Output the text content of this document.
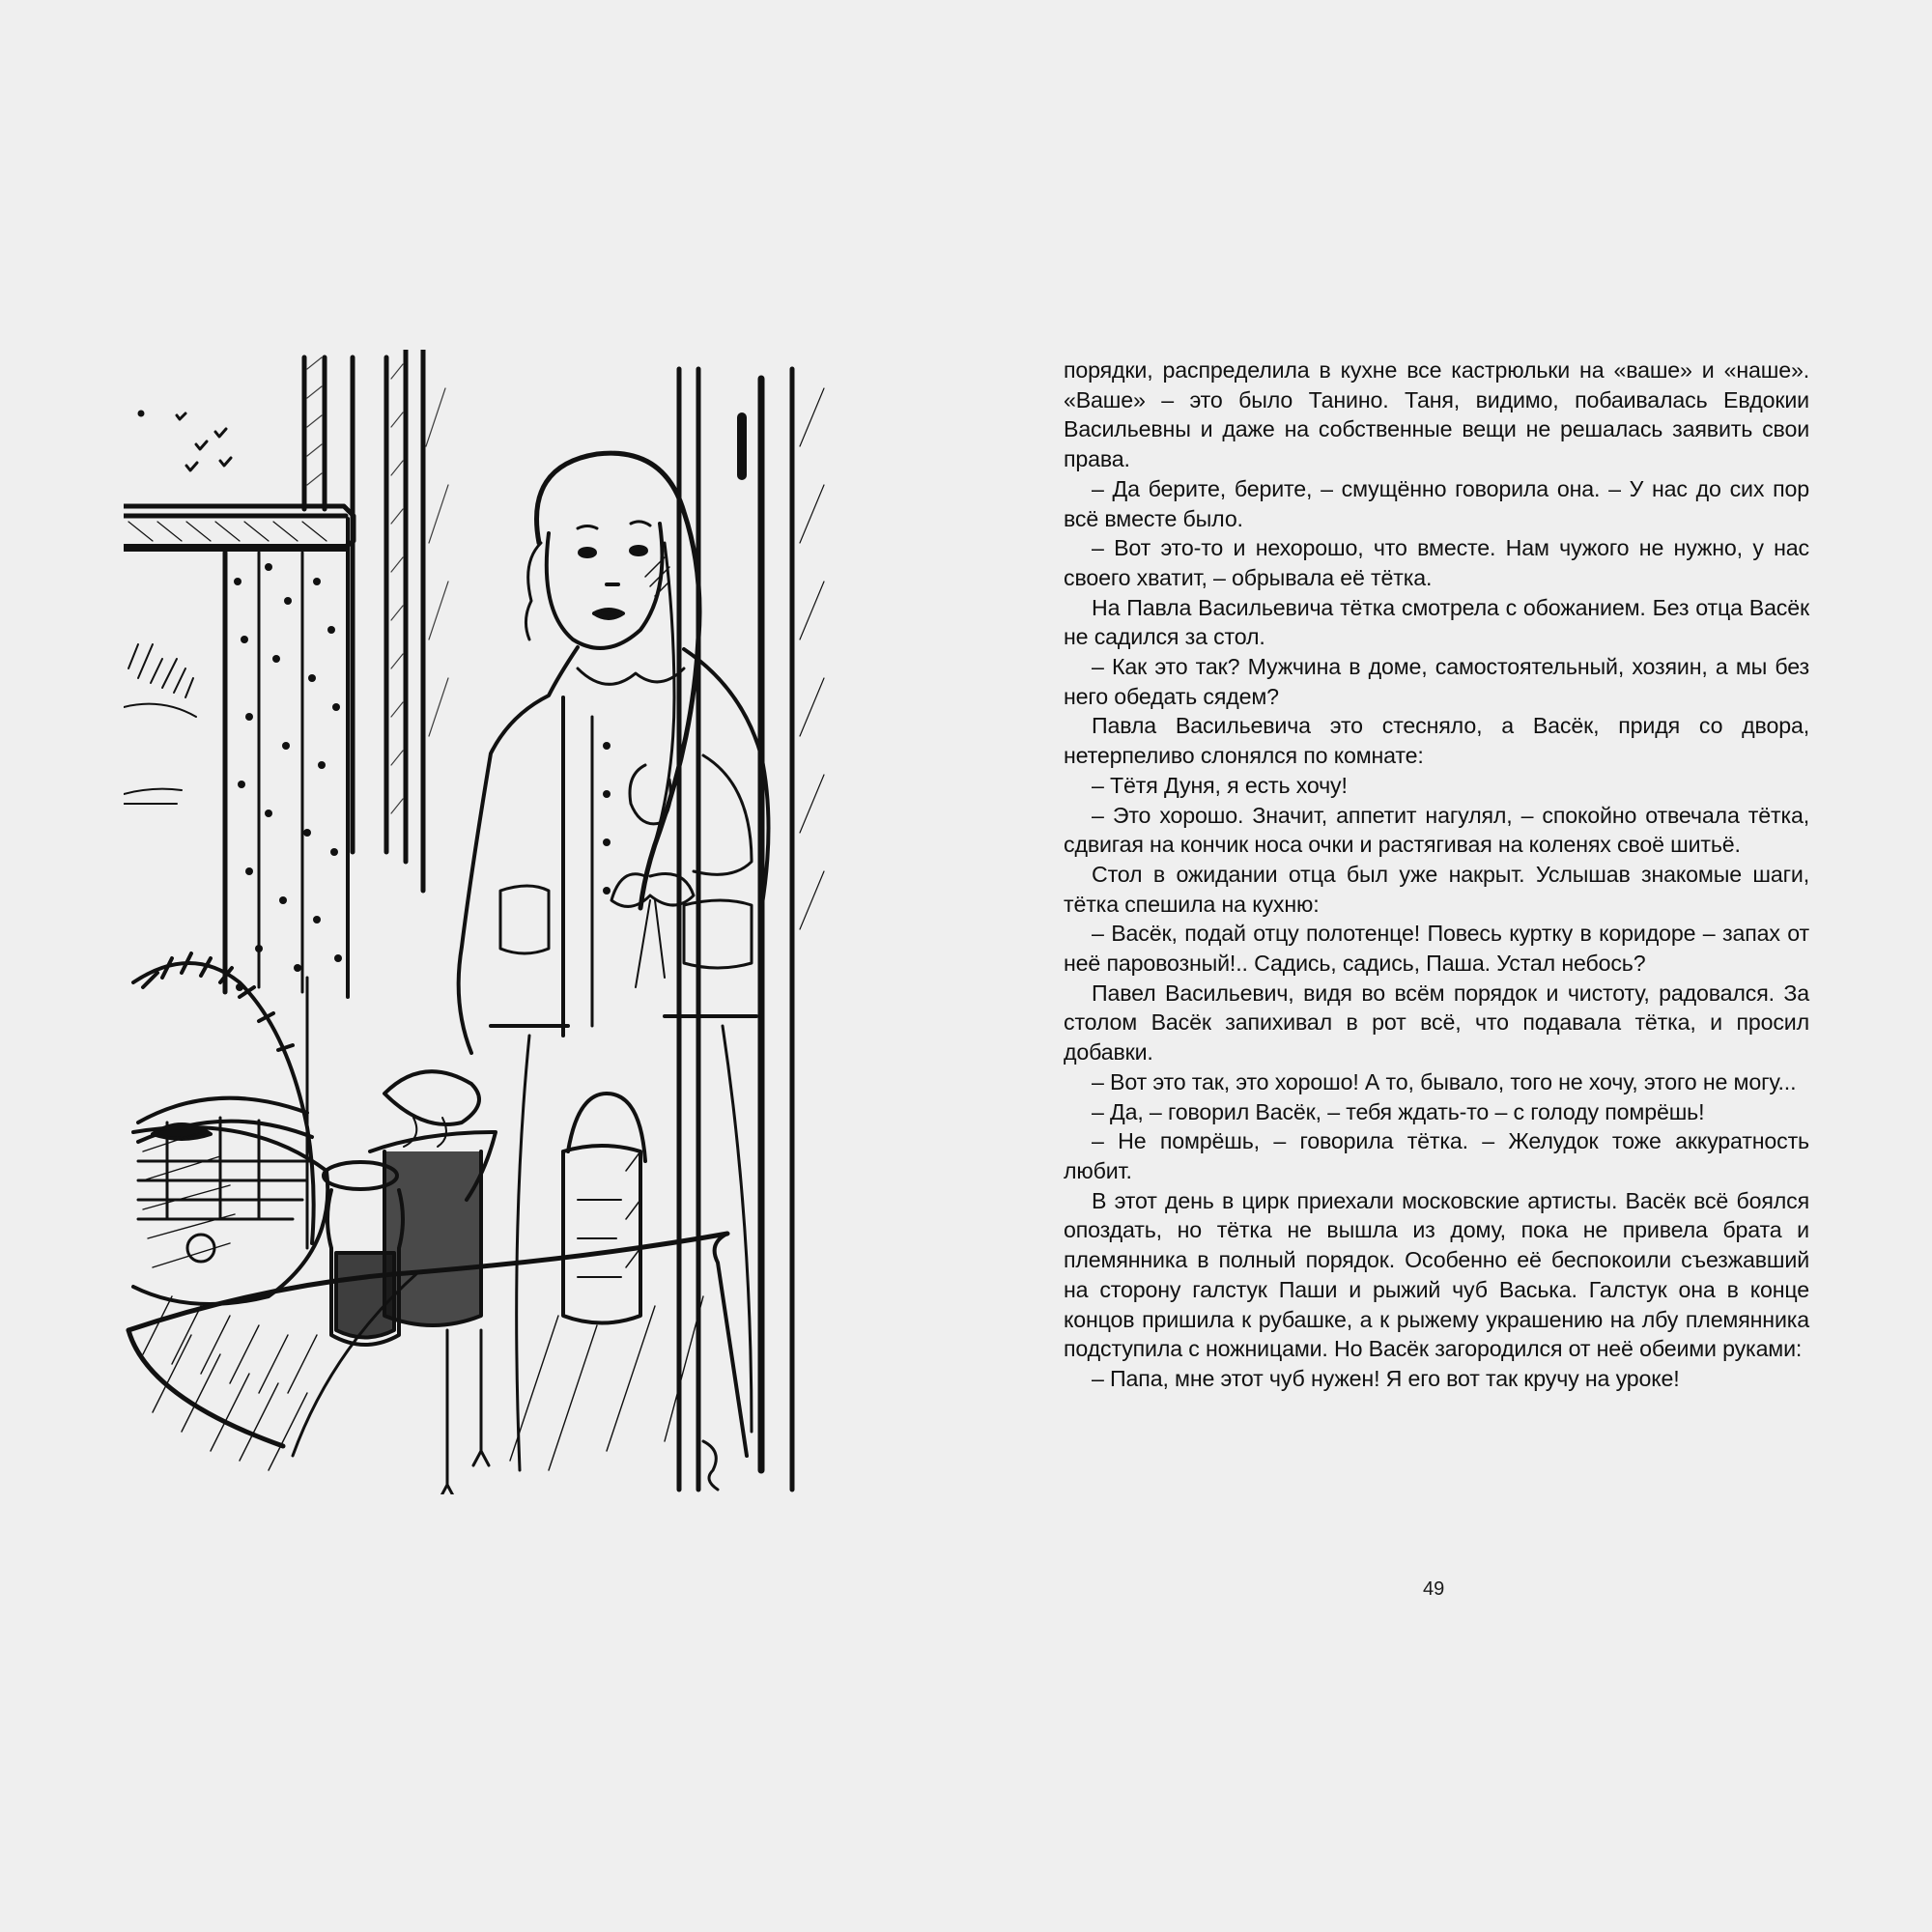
порядки, распределила в кухне все кастрюльки на «ваше» и «наше». «Ваше» – это было Танино. Таня, видимо, побаивалась Евдокии Васильевны и даже на собственные вещи не решалась заявить свои права.

– Да берите, берите, – смущённо говорила она. – У нас до сих пор всё вместе было.

– Вот это-то и нехорошо, что вместе. Нам чужого не нужно, у нас своего хватит, – обрывала её тётка.

На Павла Васильевича тётка смотрела с обожанием. Без отца Васёк не садился за стол.

– Как это так? Мужчина в доме, самостоятельный, хозяин, а мы без него обедать сядем?

Павла Васильевича это стесняло, а Васёк, придя со двора, нетерпеливо слонялся по комнате:

– Тётя Дуня, я есть хочу!

– Это хорошо. Значит, аппетит нагулял, – спокойно отвечала тётка, сдвигая на кончик носа очки и растягивая на коленях своё шитьё.

Стол в ожидании отца был уже накрыт. Услышав знакомые шаги, тётка спешила на кухню:

– Васёк, подай отцу полотенце! Повесь куртку в коридоре – запах от неё паровозный!.. Садись, садись, Паша. Устал небось?

Павел Васильевич, видя во всём порядок и чистоту, радовался. За столом Васёк запихивал в рот всё, что подавала тётка, и просил добавки.

– Вот это так, это хорошо! А то, бывало, того не хочу, этого не могу...

– Да, – говорил Васёк, – тебя ждать-то – с голоду помрёшь!

– Не помрёшь, – говорила тётка. – Желудок тоже аккуратность любит.

В этот день в цирк приехали московские артисты. Васёк всё боялся опоздать, но тётка не вышла из дому, пока не привела брата и племянника в полный порядок. Особенно её беспокоили съезжавший на сторону галстук Паши и рыжий чуб Васька. Галстук она в конце концов пришила к рубашке, а к рыжему украшению на лбу племянника подступила с ножницами. Но Васёк загородился от неё обеими руками:

– Папа, мне этот чуб нужен! Я его вот так кручу на уроке!

49
